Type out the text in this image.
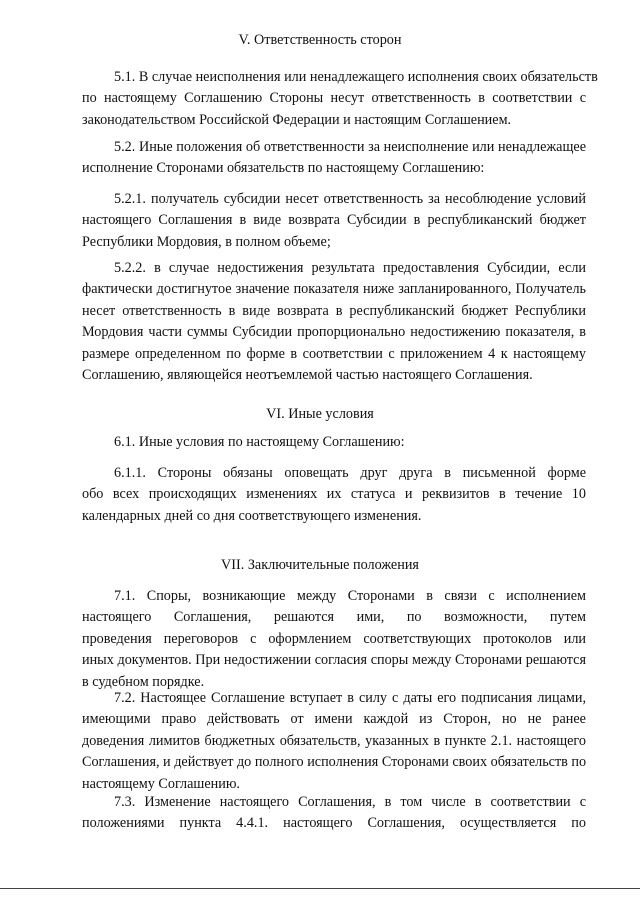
V. Ответственность сторон
5.1. В случае неисполнения или ненадлежащего исполнения своих обязательств
по настоящему Соглашению Стороны несут ответственность в соответствии с
законодательством Российской Федерации и настоящим Соглашением.
5.2. Иные положения об ответственности за неисполнение или ненадлежащее
исполнение Сторонами обязательств по настоящему Соглашению:
5.2.1. получатель субсидии несет ответственность за несоблюдение условий
настоящего Соглашения в виде возврата Субсидии в республиканский бюджет
Республики Мордовия, в полном объеме;
5.2.2. в случае недостижения результата предоставления Субсидии, если
фактически достигнутое значение показателя ниже запланированного, Получатель
несет ответственность в виде возврата в республиканский бюджет Республики
Мордовия части суммы Субсидии пропорционально недостижению показателя, в
размере определенном по форме в соответствии с приложением 4 к настоящему
Соглашению, являющейся неотъемлемой частью настоящего Соглашения.
VI. Иные условия
6.1. Иные условия по настоящему Соглашению:
6.1.1. Стороны обязаны оповещать друг друга в письменной форме
обо всех происходящих изменениях их статуса и реквизитов в течение 10
календарных дней со дня соответствующего изменения.
VII. Заключительные положения
7.1. Споры, возникающие между Сторонами в связи с исполнением
настоящего Соглашения, решаются ими, по возможности, путем
проведения переговоров с оформлением соответствующих протоколов или
иных документов. При недостижении согласия споры между Сторонами решаются
в судебном порядке.
7.2. Настоящее Соглашение вступает в силу с даты его подписания лицами,
имеющими право действовать от имени каждой из Сторон, но не ранее
доведения лимитов бюджетных обязательств, указанных в пункте 2.1. настоящего
Соглашения, и действует до полного исполнения Сторонами своих обязательств по
настоящему Соглашению.
7.3. Изменение настоящего Соглашения, в том числе в соответствии с
положениями пункта 4.4.1. настоящего Соглашения, осуществляется по
